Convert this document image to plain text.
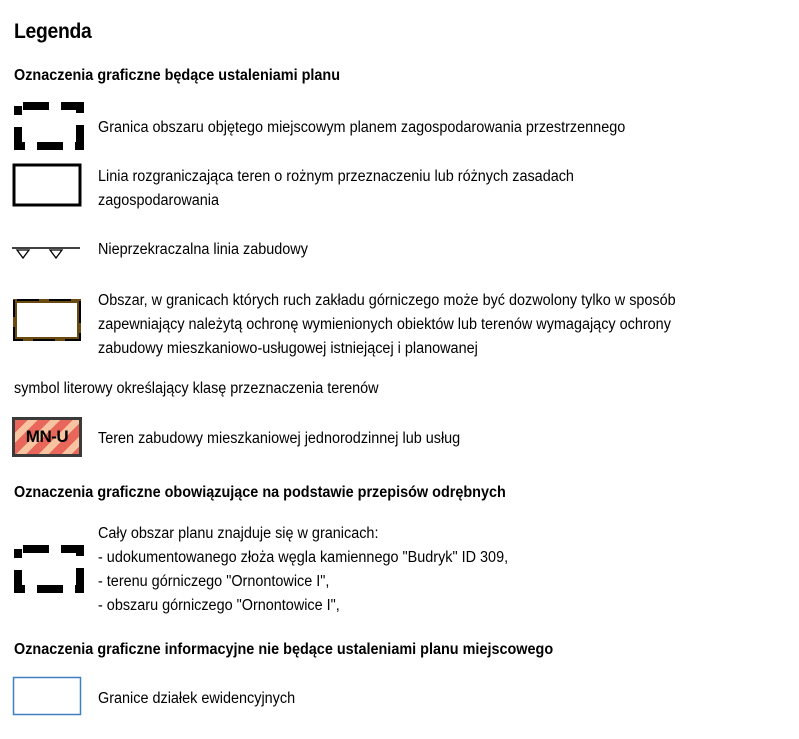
Legenda
Oznaczenia graficzne będące ustaleniami planu
Granica obszaru objętego miejscowym planem zagospodarowania przestrzennego
Linia rozgraniczająca teren o rożnym przeznaczeniu lub różnych zasadach
zagospodarowania
Nieprzekraczalna linia zabudowy
Obszar, w granicach których ruch zakładu górniczego może być dozwolony tylko w sposób
zapewniający należytą ochronę wymienionych obiektów lub terenów wymagający ochrony
zabudowy mieszkaniowo-usługowej istniejącej i planowanej
symbol literowy określający klasę przeznaczenia terenów
MN-U	Teren zabudowy mieszkaniowej jednorodzinnej lub usług
Oznaczenia graficzne obowiązujące na podstawie przepisów odrębnych
Cały obszar planu znajduje się w granicach:
- udokumentowanego złoża węgla kamiennego "Budryk" ID 309,
- terenu górniczego "Ornontowice I",
- obszaru górniczego "Ornontowice I",
Oznaczenia graficzne informacyjne nie będące ustaleniami planu miejscowego
Granice działek ewidencyjnych
